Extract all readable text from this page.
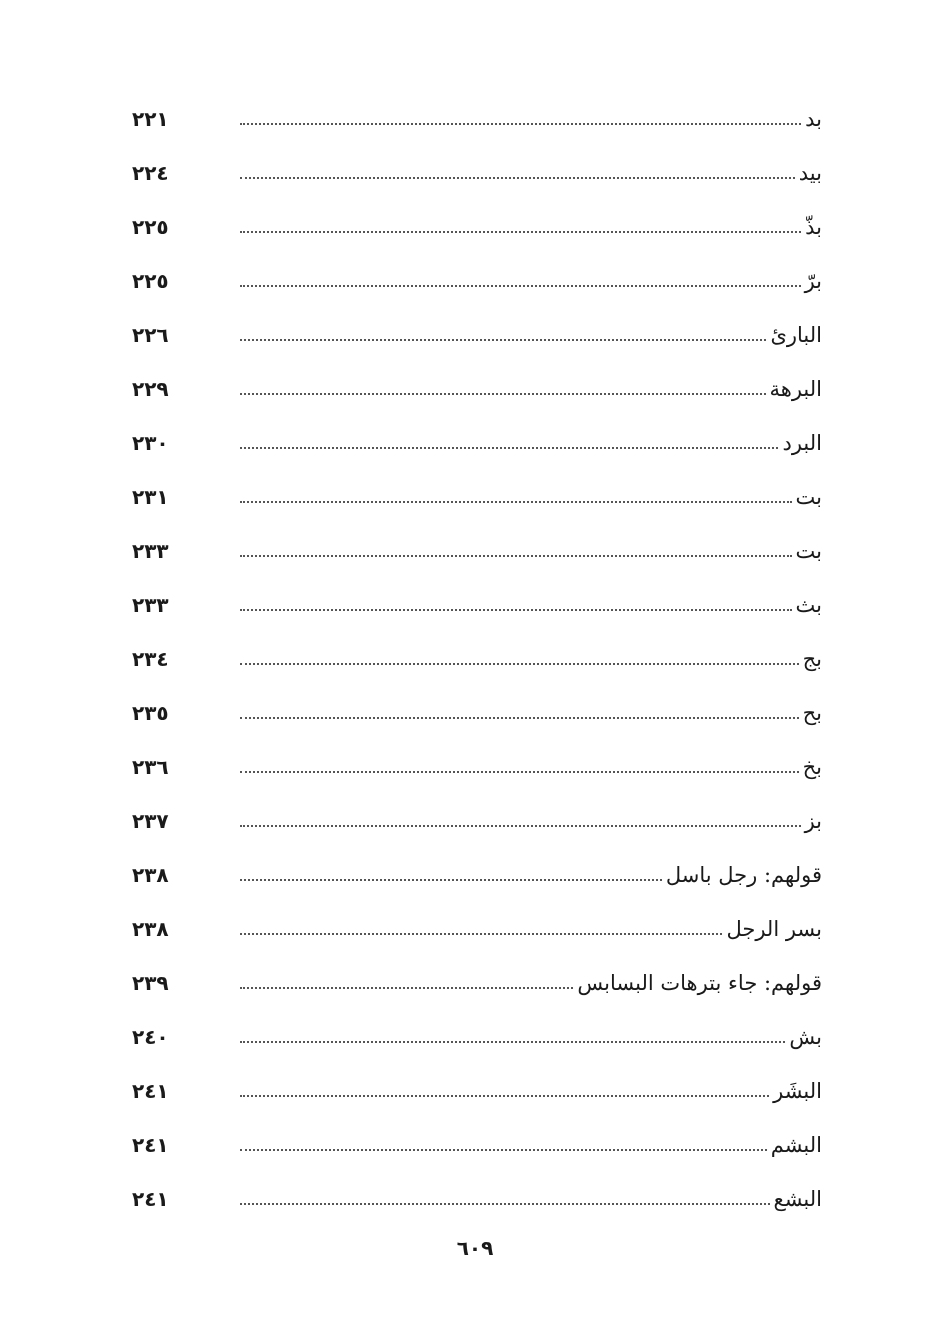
بد
٢٢١
بيد
٢٢٤
بذّ
٢٢٥
برّ
٢٢٥
البارئ
٢٢٦
البرهة
٢٢٩
البرد
٢٣٠
بت
٢٣١
بت
٢٣٣
بث
٢٣٣
بج
٢٣٤
بح
٢٣٥
بخ
٢٣٦
بز
٢٣٧
قولهم: رجل باسل
٢٣٨
بسر الرجل
٢٣٨
قولهم: جاء بترهات البسابس
٢٣٩
بش
٢٤٠
البشَر
٢٤١
البشم
٢٤١
البشع
٢٤١
٦٠٩
